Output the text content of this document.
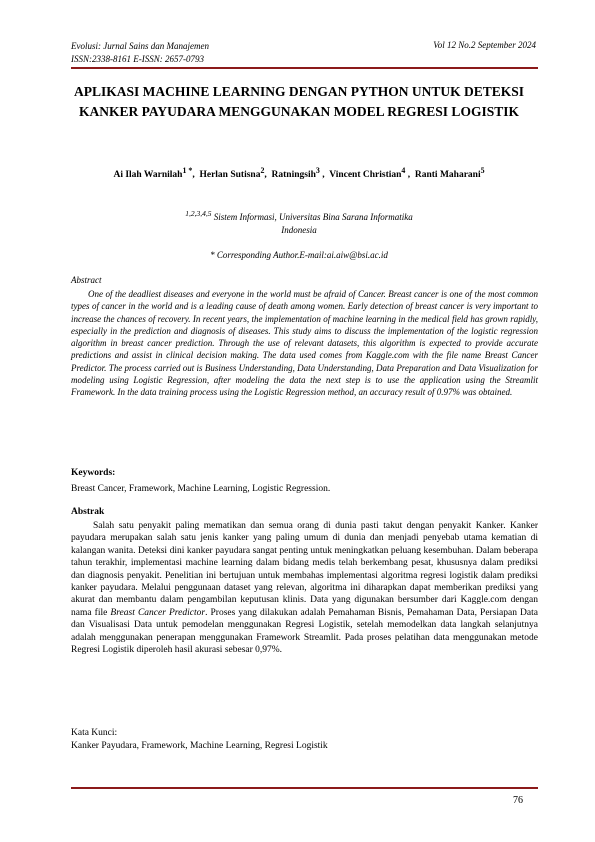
Evolusi: Jurnal Sains dan Manajemen
ISSN:2338-8161 E-ISSN: 2657-0793
Vol 12 No.2 September 2024
APLIKASI MACHINE LEARNING DENGAN PYTHON UNTUK DETEKSI KANKER PAYUDARA MENGGUNAKAN MODEL REGRESI LOGISTIK
Ai Ilah Warnilah$^{1 *}$,  Herlan Sutisna$^2$,  Ratningsih$^3$ ,  Vincent Christian$^4$ ,  Ranti Maharani$^5$
$^{1,2,3,4,5}$ Sistem Informasi, Universitas Bina Sarana Informatika
Indonesia
* Corresponding Author.E-mail:ai.aiw@bsi.ac.id
Abstract
One of the deadliest diseases and everyone in the world must be afraid of Cancer. Breast cancer is one of the most common types of cancer in the world and is a leading cause of death among women. Early detection of breast cancer is very important to increase the chances of recovery. In recent years, the implementation of machine learning in the medical field has grown rapidly, especially in the prediction and diagnosis of diseases. This study aims to discuss the implementation of the logistic regression algorithm in breast cancer prediction. Through the use of relevant datasets, this algorithm is expected to provide accurate predictions and assist in clinical decision making. The data used comes from Kaggle.com with the file name Breast Cancer Predictor. The process carried out is Business Understanding, Data Understanding, Data Preparation and Data Visualization for modeling using Logistic Regression, after modeling the data the next step is to use the application using the Streamlit Framework. In the data training process using the Logistic Regression method, an accuracy result of 0.97% was obtained.
Keywords:
Breast Cancer, Framework, Machine Learning, Logistic Regression.
Abstrak
Salah satu penyakit paling mematikan dan semua orang di dunia pasti takut dengan penyakit Kanker. Kanker payudara merupakan salah satu jenis kanker yang paling umum di dunia dan menjadi penyebab utama kematian di kalangan wanita. Deteksi dini kanker payudara sangat penting untuk meningkatkan peluang kesembuhan. Dalam beberapa tahun terakhir, implementasi machine learning dalam bidang medis telah berkembang pesat, khususnya dalam prediksi dan diagnosis penyakit. Penelitian ini bertujuan untuk membahas implementasi algoritma regresi logistik dalam prediksi kanker payudara. Melalui penggunaan dataset yang relevan, algoritma ini diharapkan dapat memberikan prediksi yang akurat dan membantu dalam pengambilan keputusan klinis. Data yang digunakan bersumber dari Kaggle.com dengan nama file Breast Cancer Predictor. Proses yang dilakukan adalah Pemahaman Bisnis, Pemahaman Data, Persiapan Data dan Visualisasi Data untuk pemodelan menggunakan Regresi Logistik, setelah memodelkan data langkah selanjutnya adalah menggunakan penerapan menggunakan Framework Streamlit. Pada proses pelatihan data menggunakan metode Regresi Logistik diperoleh hasil akurasi sebesar 0,97%.
Kata Kunci:
Kanker Payudara, Framework, Machine Learning, Regresi Logistik
76
